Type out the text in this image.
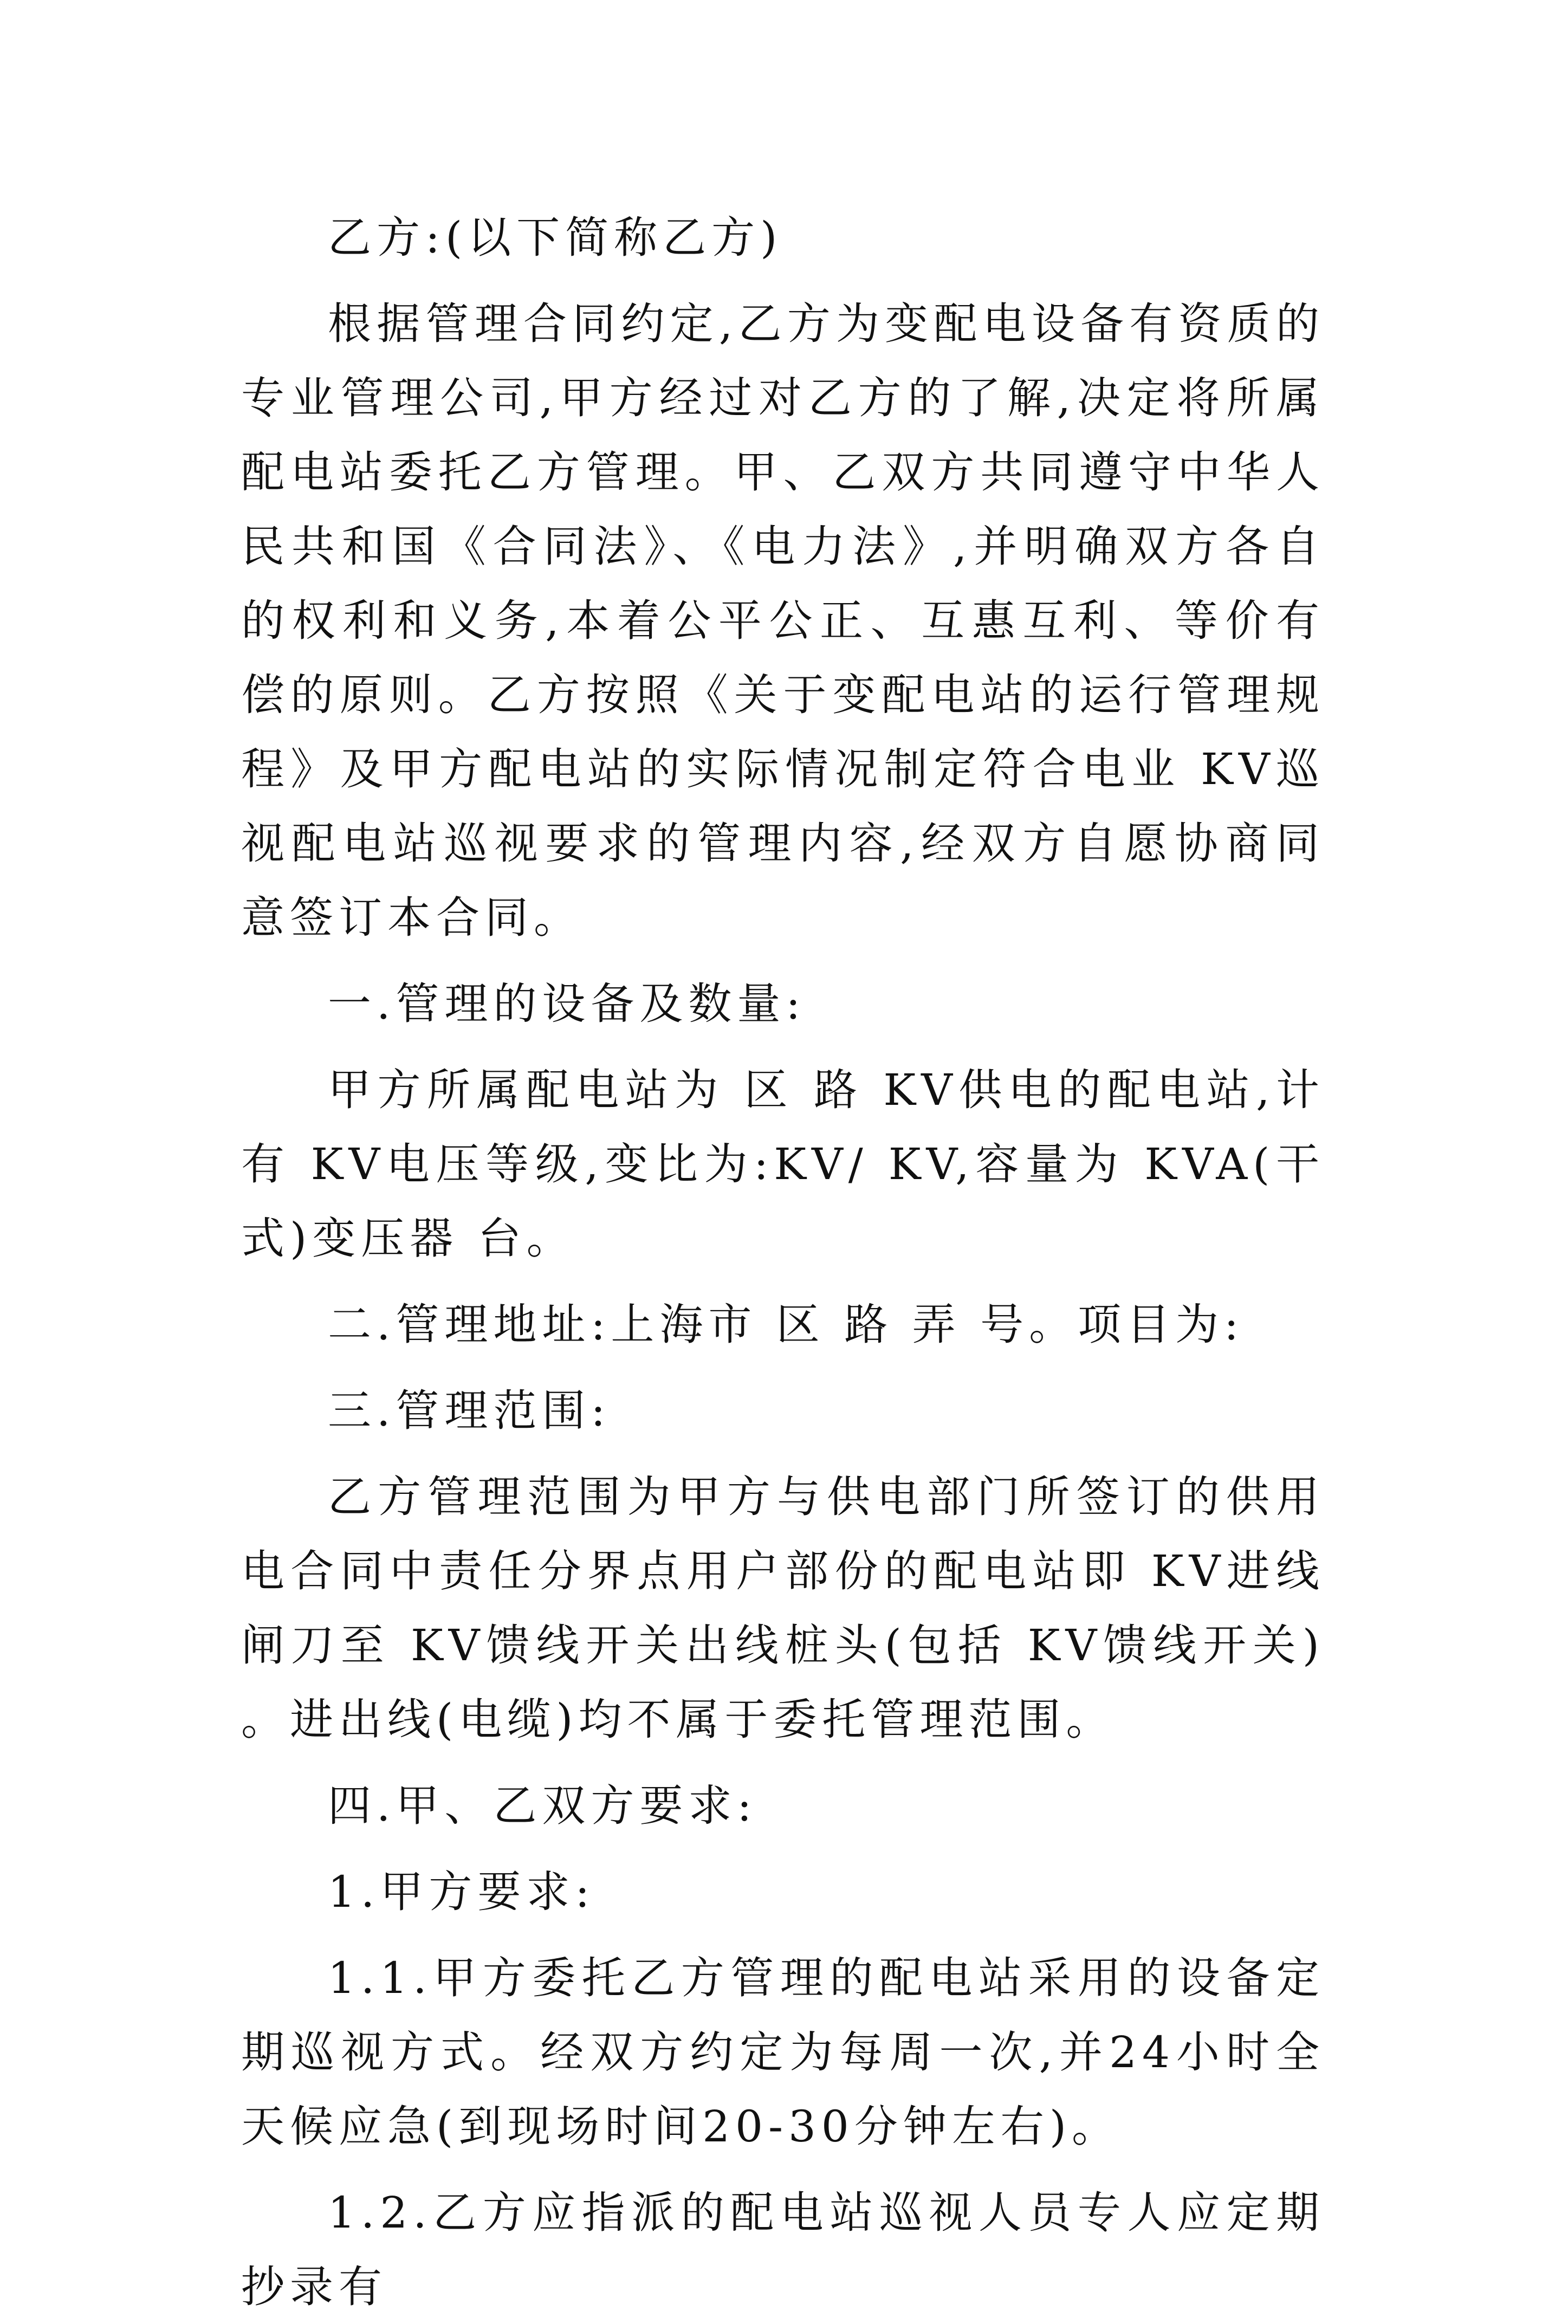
乙方:(以下简称乙方)

根据管理合同约定,乙方为变配电设备有资质的专业管理公司,甲方经过对乙方的了解,决定将所属配电站委托乙方管理。甲、乙双方共同遵守中华人民共和国《合同法》、《电力法》,并明确双方各自的权利和义务,本着公平公正、互惠互利、等价有偿的原则。乙方按照《关于变配电站的运行管理规程》及甲方配电站的实际情况制定符合电业 KV巡视配电站巡视要求的管理内容,经双方自愿协商同意签订本合同。

一.管理的设备及数量:

甲方所属配电站为 区 路 KV供电的配电站,计有 KV电压等级,变比为:KV/ KV,容量为 KVA(干式)变压器 台。

二.管理地址:上海市 区 路 弄 号。项目为:

三.管理范围:

乙方管理范围为甲方与供电部门所签订的供用电合同中责任分界点用户部份的配电站即 KV进线闸刀至 KV馈线开关出线桩头(包括 KV馈线开关)。进出线(电缆)均不属于委托管理范围。

四.甲、乙双方要求:

1.甲方要求:

1.1.甲方委托乙方管理的配电站采用的设备定期巡视方式。经双方约定为每周一次,并24小时全天候应急(到现场时间20-30分钟左右)。

1.2.乙方应指派的配电站巡视人员专人应定期抄录有
